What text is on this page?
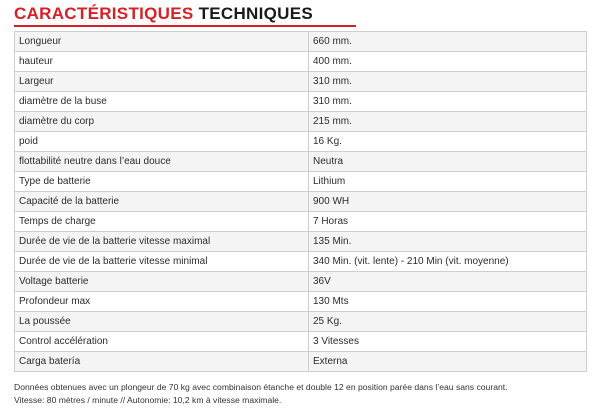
CARACTÉRISTIQUES TECHNIQUES
Longueur	660 mm.
hauteur	400 mm.
Largeur	310 mm.
diamètre de la buse	310 mm.
diamètre du corp	215 mm.
poid	16 Kg.
flottabilité neutre dans l’eau douce	Neutra
Type de batterie	Lithium
Capacité de la batterie	900 WH
Temps de charge	7 Horas
Durée de vie de la batterie vitesse maximal	135 Min.
Durée de vie de la batterie vitesse minimal	340 Min. (vit. lente) - 210 Min (vit. moyenne)
Voltage batterie	36V
Profondeur max	130 Mts
La poussée	25 Kg.
Control accélération	3 Vitesses
Carga batería	Externa

Données obtenues avec un plongeur de 70 kg avec combinaison étanche et double 12 en position parée dans l’eau sans courant.

Vitesse: 80 mètres / minute // Autonomie: 10,2 km à vitesse maximale.
